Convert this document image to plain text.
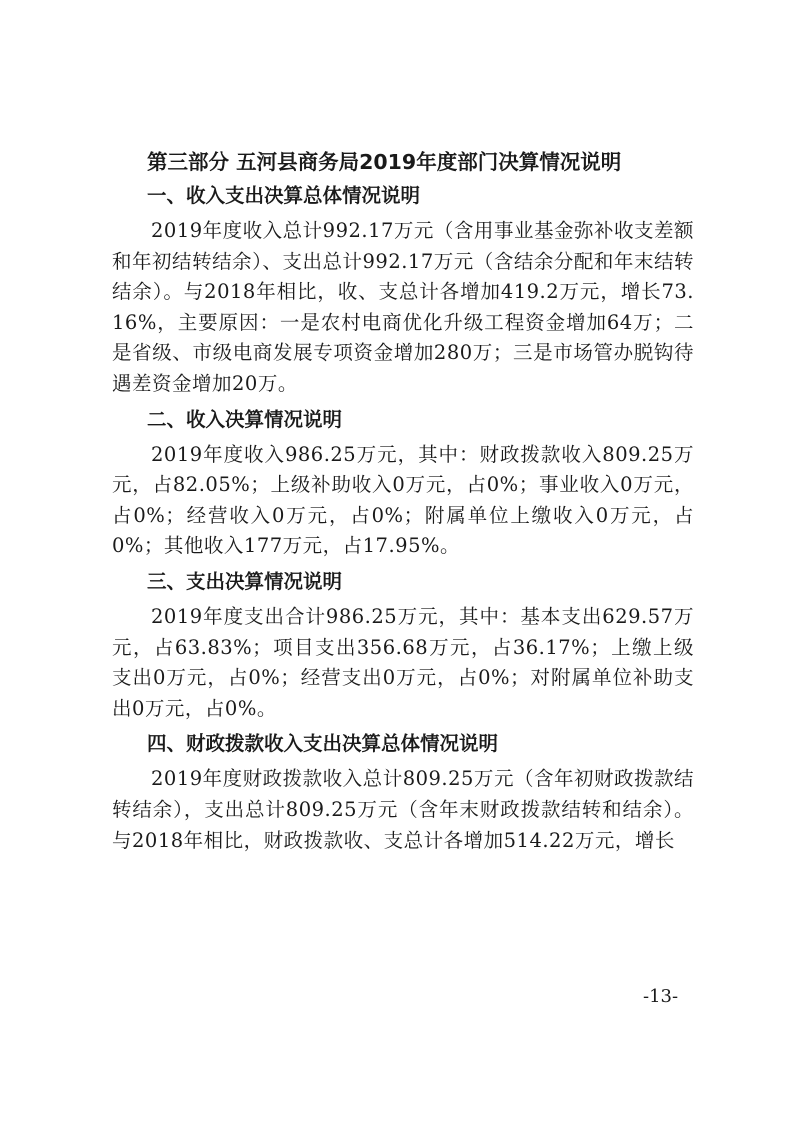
第三部分 五河县商务局2019年度部门决算情况说明
一、收入支出决算总体情况说明

2019年度收入总计992.17万元（含用事业基金弥补收支差额和年初结转结余）、支出总计992.17万元（含结余分配和年末结转结余）。与2018年相比，收、支总计各增加419.2万元，增长73.16%，主要原因：一是农村电商优化升级工程资金增加64万；二是省级、市级电商发展专项资金增加280万；三是市场管办脱钩待遇差资金增加20万。

二、收入决算情况说明

2019年度收入986.25万元，其中：财政拨款收入809.25万元，占82.05%；上级补助收入0万元，占0%；事业收入0万元，占0%；经营收入0万元，占0%；附属单位上缴收入0万元，占0%；其他收入177万元，占17.95%。

三、支出决算情况说明

2019年度支出合计986.25万元，其中：基本支出629.57万元，占63.83%；项目支出356.68万元，占36.17%；上缴上级支出0万元，占0%；经营支出0万元，占0%；对附属单位补助支出0万元，占0%。

四、财政拨款收入支出决算总体情况说明

2019年度财政拨款收入总计809.25万元（含年初财政拨款结转结余），支出总计809.25万元（含年末财政拨款结转和结余）。与2018年相比，财政拨款收、支总计各增加514.22万元，增长

-13-
